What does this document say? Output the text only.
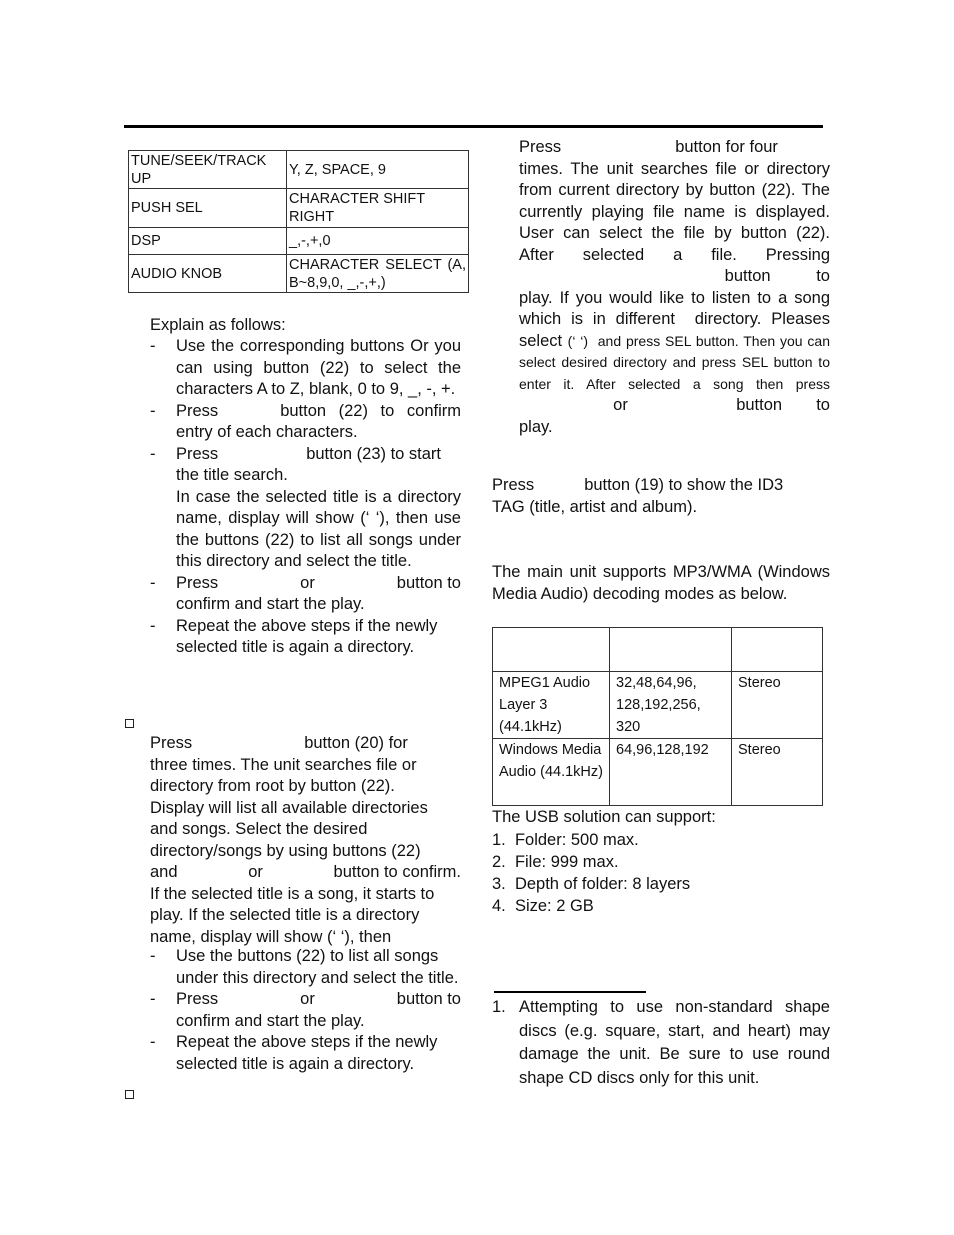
TUNE/SEEK/TRACK UP	Y, Z, SPACE, 9
PUSH SEL	CHARACTER SHIFT RIGHT
DSP	_,-,+,0
AUDIO KNOB	CHARACTER SELECT (A, B~8,9,0, _,-,+,)

Explain as follows:

- Use the corresponding buttons Or you can using button (22) to select the characters A to Z, blank, 0 to 9, _, -, +.
- Press	button (22) to confirm entry of each characters.
- Press	button (23) to start the title search.
In case the selected title is a directory name, display will show (‘ ‘), then use the buttons (22) to list all songs under this directory and select the title.
- Press	or	button to
confirm and start the play.
- Repeat the above steps if the newly selected title is again a directory.
Press	button (20) for
three times. The unit searches file or directory from root by button (22). Display will list all available directories and songs. Select the desired directory/songs by using buttons (22)
and	or	button to confirm.
If the selected title is a song, it starts to play. If the selected title is a directory name, display will show (‘ ‘), then
-	Use the buttons (22) to list all songs under this directory and select the title.
- Press	or	button to
confirm and start the play.
- Repeat the above steps if the newly selected title is again a directory.
Press	button for four
times. The unit searches file or directory from current directory by button (22). The currently playing file name is displayed. User can select the file by button (22). After selected a file. Pressing  button to
play. If you would like to listen to a song which is in different  directory. Pleases select (‘ ‘)  and press SEL button. Then you can select desired directory and press SEL button to enter it. After selected a song then press  or	button to
play.
Press	button (19) to show the ID3
TAG (title, artist and album).

The main unit supports MP3/WMA (Windows Media Audio) decoding modes as below.

MPEG1 Audio Layer 3 (44.1kHz)	32,48,64,96, 128,192,256, 320	Stereo
Windows Media Audio (44.1kHz)	64,96,128,192	Stereo

The USB solution can support:

1.  Folder: 500 max.
2.  File: 999 max.
3.  Depth of folder: 8 layers
4.  Size: 2 GB
1. Attempting to use non-standard shape discs (e.g. square, start, and heart) may damage the unit. Be sure to use round shape CD discs only for this unit.
